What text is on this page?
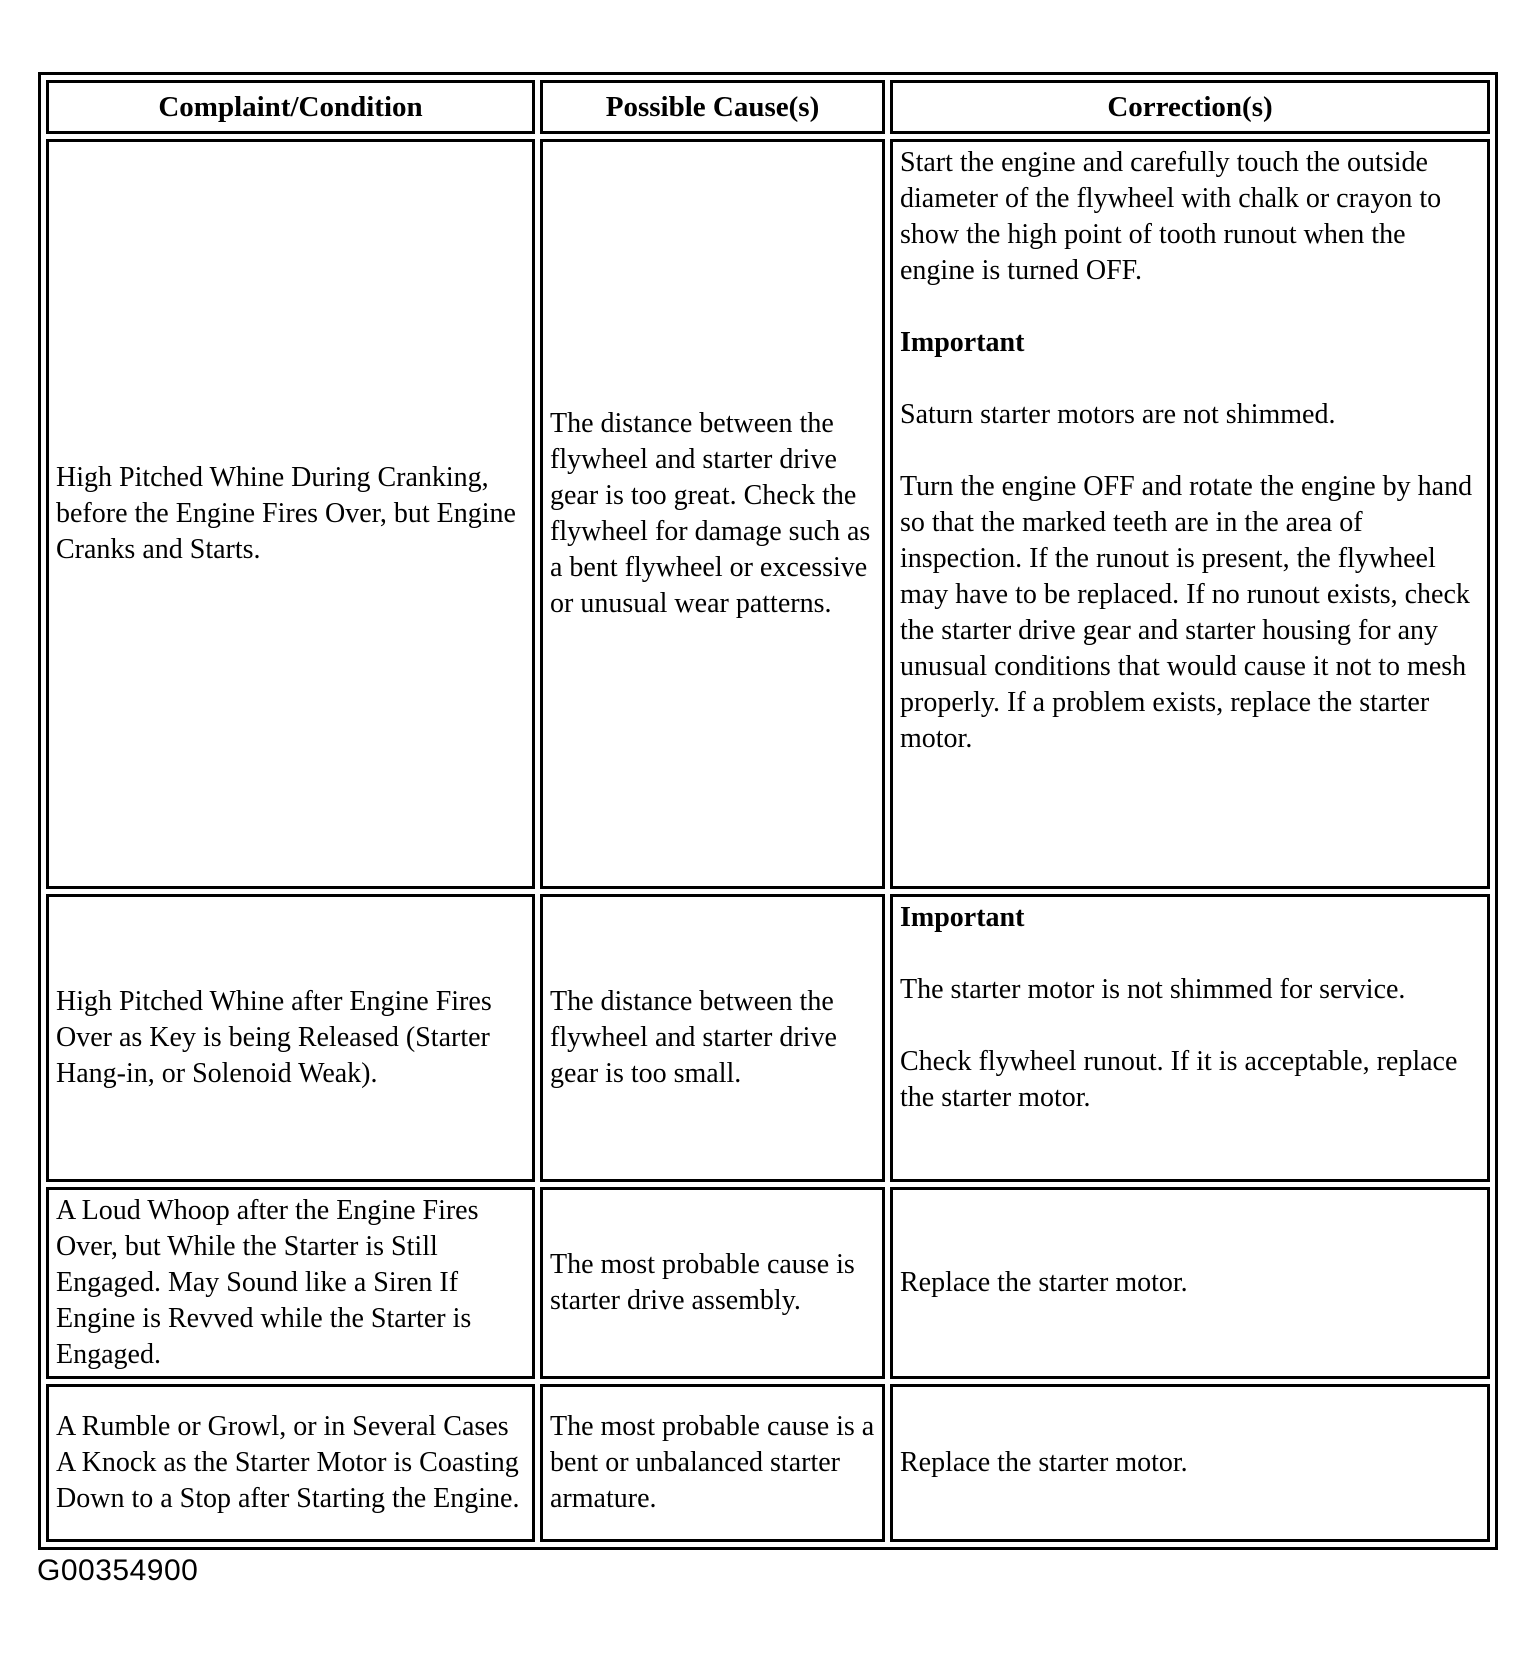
Complaint/Condition	Possible Cause(s)	Correction(s)

High Pitched Whine During Cranking, before the Engine Fires Over, but Engine Cranks and Starts.	The distance between the flywheel and starter drive gear is too great. Check the flywheel for damage such as a bent flywheel or excessive or unusual wear patterns.	Start the engine and carefully touch the outside diameter of the flywheel with chalk or crayon to show the high point of tooth runout when the engine is turned OFF.

Important

Saturn starter motors are not shimmed.

Turn the engine OFF and rotate the engine by hand so that the marked teeth are in the area of inspection. If the runout is present, the flywheel may have to be replaced. If no runout exists, check the starter drive gear and starter housing for any unusual conditions that would cause it not to mesh properly. If a problem exists, replace the starter motor.

High Pitched Whine after Engine Fires Over as Key is being Released (Starter Hang-in, or Solenoid Weak).	The distance between the flywheel and starter drive gear is too small.	Important

The starter motor is not shimmed for service.

Check flywheel runout. If it is acceptable, replace the starter motor.

A Loud Whoop after the Engine Fires Over, but While the Starter is Still Engaged. May Sound like a Siren If Engine is Revved while the Starter is Engaged.	The most probable cause is starter drive assembly.	Replace the starter motor.

A Rumble or Growl, or in Several Cases A Knock as the Starter Motor is Coasting Down to a Stop after Starting the Engine.	The most probable cause is a bent or unbalanced starter armature.	Replace the starter motor.

G00354900
